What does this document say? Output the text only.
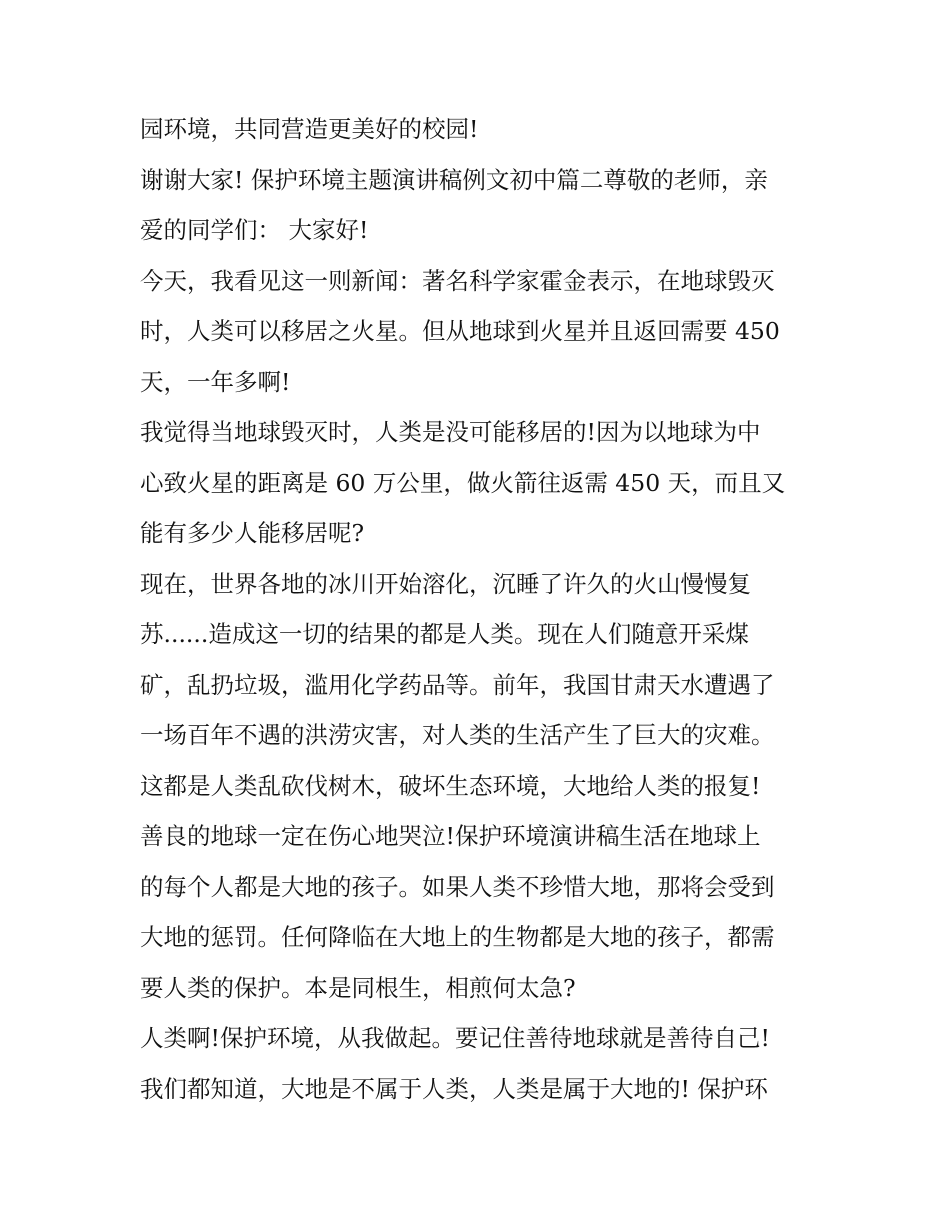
园环境，共同营造更美好的校园!
谢谢大家! 保护环境主题演讲稿例文初中篇二尊敬的老师，亲
爱的同学们： 大家好!
今天，我看见这一则新闻：著名科学家霍金表示，在地球毁灭
时，人类可以移居之火星。但从地球到火星并且返回需要 450
天，一年多啊!
我觉得当地球毁灭时，人类是没可能移居的!因为以地球为中
心致火星的距离是 60 万公里，做火箭往返需 450 天，而且又
能有多少人能移居呢?
现在，世界各地的冰川开始溶化，沉睡了许久的火山慢慢复
苏......造成这一切的结果的都是人类。现在人们随意开采煤
矿，乱扔垃圾，滥用化学药品等。前年，我国甘肃天水遭遇了
一场百年不遇的洪涝灾害，对人类的生活产生了巨大的灾难。
这都是人类乱砍伐树木，破坏生态环境，大地给人类的报复!
善良的地球一定在伤心地哭泣!保护环境演讲稿生活在地球上
的每个人都是大地的孩子。如果人类不珍惜大地，那将会受到
大地的惩罚。任何降临在大地上的生物都是大地的孩子，都需
要人类的保护。本是同根生，相煎何太急?
人类啊!保护环境，从我做起。要记住善待地球就是善待自己!
我们都知道，大地是不属于人类，人类是属于大地的! 保护环
